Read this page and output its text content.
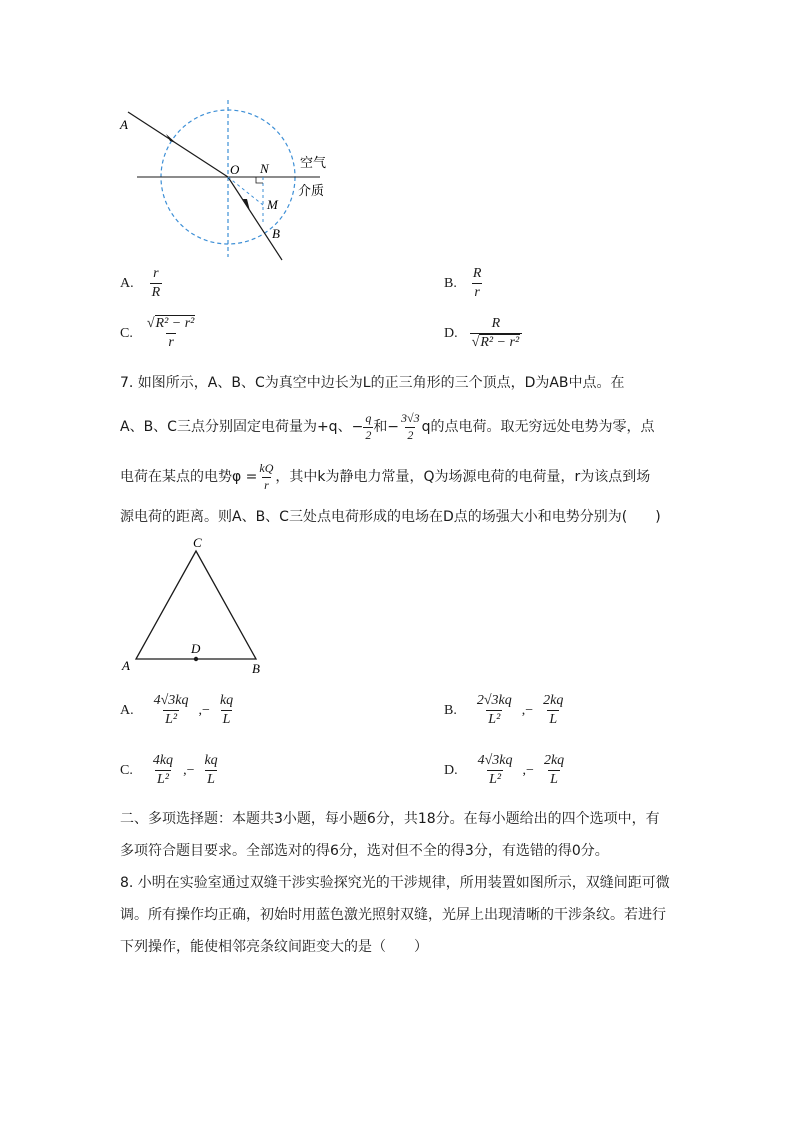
A
O N
M
B
空气
介质
A. $\frac{r}{R}$	B. $\frac{R}{r}$
C. $\frac{\text{√R² − r²}}{r}$	D. $\frac{R}{\text{√R² − r²}}$
7. 如图所示，A、B、C为真空中边长为L的正三角形的三个顶点，D为AB中点。在
A、B、C三点分别固定电荷量为+q、− $\frac{q}{2}$ 和− $\frac{3√3}{2}$ q的点电荷。取无穷远处电势为零，点
电荷在某点的电势$\varphi = \frac{kQ}{r}$ ，其中k为静电力常量，Q为场源电荷的电荷量，r为该点到场
源电荷的距离。则A、B、C三处点电荷形成的电场在D点的场强大小和电势分别为(　　)
C
A	B
D
A. $\frac{4√3kq}{\text{L²}}$ ,− $\frac{kq}{L}$	B. $\frac{2√3kq}{\text{L²}}$ ,− $\frac{2kq}{L}$
C. $\frac{4kq}{\text{L²}}$ ,− $\frac{kq}{L}$	D. $\frac{4√3kq}{\text{L²}}$ ,− $\frac{2kq}{L}$
二、多项选择题：本题共3小题，每小题6分，共18分。在每小题给出的四个选项中，有
多项符合题目要求。全部选对的得6分，选对但不全的得3分，有选错的得0分。
8. 小明在实验室通过双缝干涉实验探究光的干涉规律，所用装置如图所示，双缝间距可微
调。所有操作均正确，初始时用蓝色激光照射双缝，光屏上出现清晰的干涉条纹。若进行
下列操作，能使相邻亮条纹间距变大的是（　　）
